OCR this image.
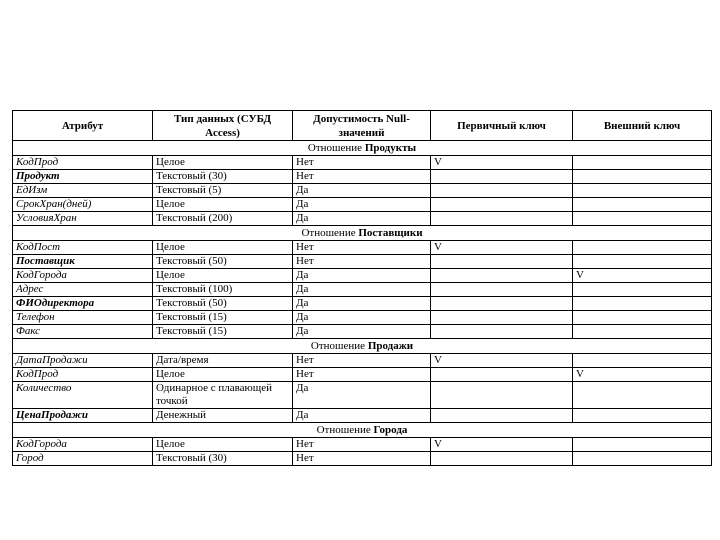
Атрибут	Тип данных (СУБД Access)	Допустимость Null-значений	Первичный ключ	Внешний ключ
Отношение Продукты				
КодПрод	Целое	Нет	V	
Продукт	Текстовый (30)	Нет		
ЕдИзм	Текстовый (5)	Да		
СрокХран(дней)	Целое	Да		
УсловияХран	Текстовый (200)	Да		
Отношение Поставщики				
КодПост	Целое	Нет	V	
Поставщик	Текстовый (50)	Нет		
КодГорода	Целое	Да		V
Адрес	Текстовый (100)	Да		
ФИОдиректора	Текстовый (50)	Да		
Телефон	Текстовый (15)	Да		
Факс	Текстовый (15)	Да		
Отношение Продажи				
ДатаПродажи	Дата/время	Нет	V	
КодПрод	Целое	Нет		V
Количество	Одинарное с плавающей точкой	Да		
ЦенаПродажи	Денежный	Да		
Отношение Города				
КодГорода	Целое	Нет	V	
Город	Текстовый (30)	Нет		
